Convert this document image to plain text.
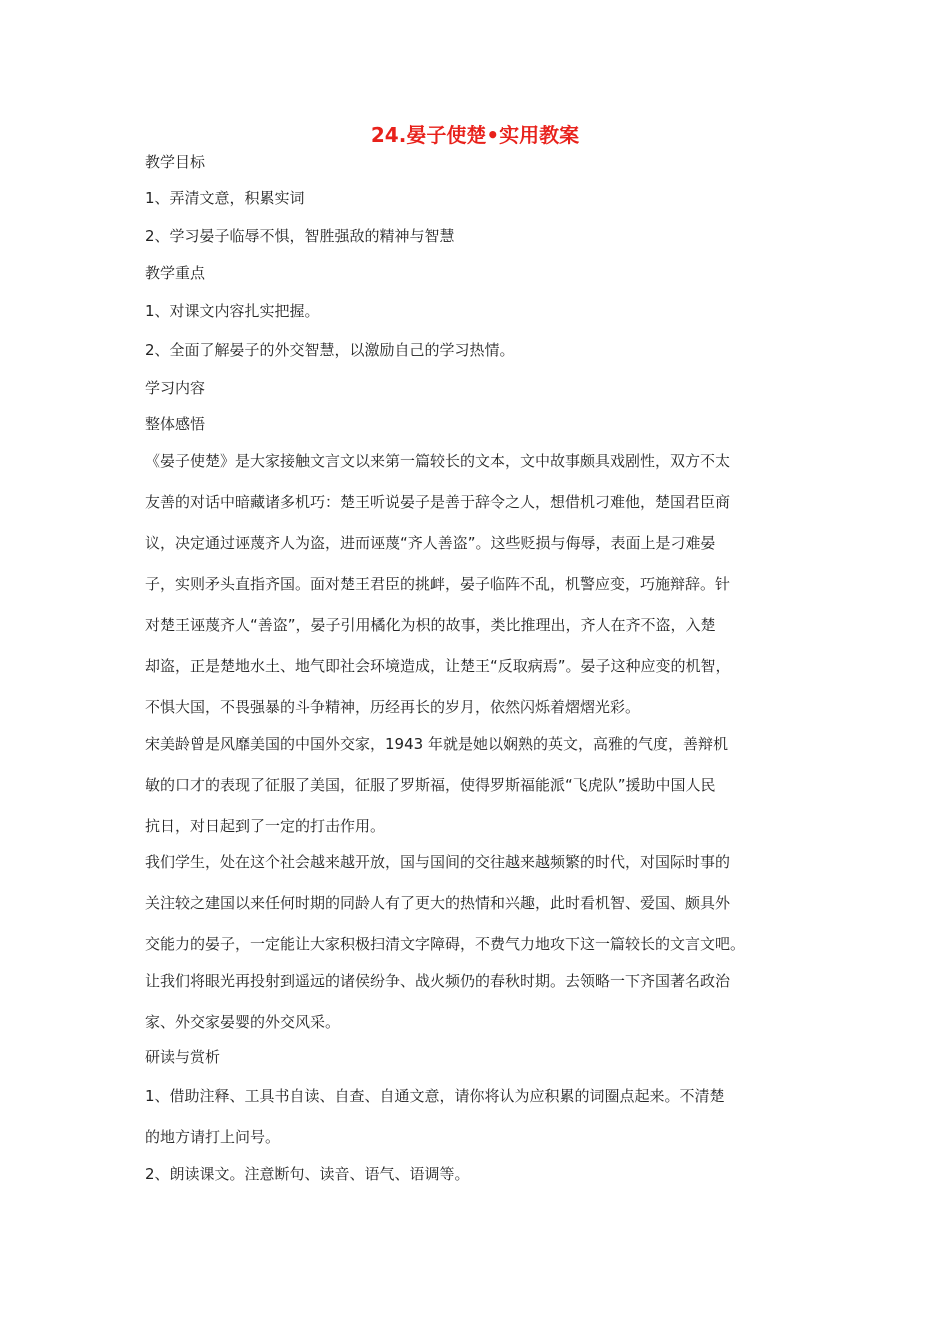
24.晏子使楚•实用教案
教学目标
1、弄清文意，积累实词
2、学习晏子临辱不惧，智胜强敌的精神与智慧
教学重点
1、对课文内容扎实把握。
2、全面了解晏子的外交智慧，以激励自己的学习热情。
学习内容
整体感悟
《晏子使楚》是大家接触文言文以来第一篇较长的文本，文中故事颇具戏剧性，双方不太
友善的对话中暗藏诸多机巧：楚王听说晏子是善于辞令之人，想借机刁难他，楚国君臣商
议，决定通过诬蔑齐人为盗，进而诬蔑“齐人善盗”。这些贬损与侮辱，表面上是刁难晏
子，实则矛头直指齐国。面对楚王君臣的挑衅，晏子临阵不乱，机警应变，巧施辩辞。针
对楚王诬蔑齐人“善盗”，晏子引用橘化为枳的故事，类比推理出，齐人在齐不盗，入楚
却盗，正是楚地水土、地气即社会环境造成，让楚王“反取病焉”。晏子这种应变的机智，
不惧大国，不畏强暴的斗争精神，历经再长的岁月，依然闪烁着熠熠光彩。
宋美龄曾是风靡美国的中国外交家，1943 年就是她以娴熟的英文，高雅的气度，善辩机
敏的口才的表现了征服了美国，征服了罗斯福，使得罗斯福能派“飞虎队”援助中国人民
抗日，对日起到了一定的打击作用。
我们学生，处在这个社会越来越开放，国与国间的交往越来越频繁的时代，对国际时事的
关注较之建国以来任何时期的同龄人有了更大的热情和兴趣，此时看机智、爱国、颇具外
交能力的晏子，一定能让大家积极扫清文字障碍，不费气力地攻下这一篇较长的文言文吧。
让我们将眼光再投射到遥远的诸侯纷争、战火频仍的春秋时期。去领略一下齐国著名政治
家、外交家晏婴的外交风采。
研读与赏析
1、借助注释、工具书自读、自查、自通文意，请你将认为应积累的词圈点起来。不清楚
的地方请打上问号。
2、朗读课文。注意断句、读音、语气、语调等。
